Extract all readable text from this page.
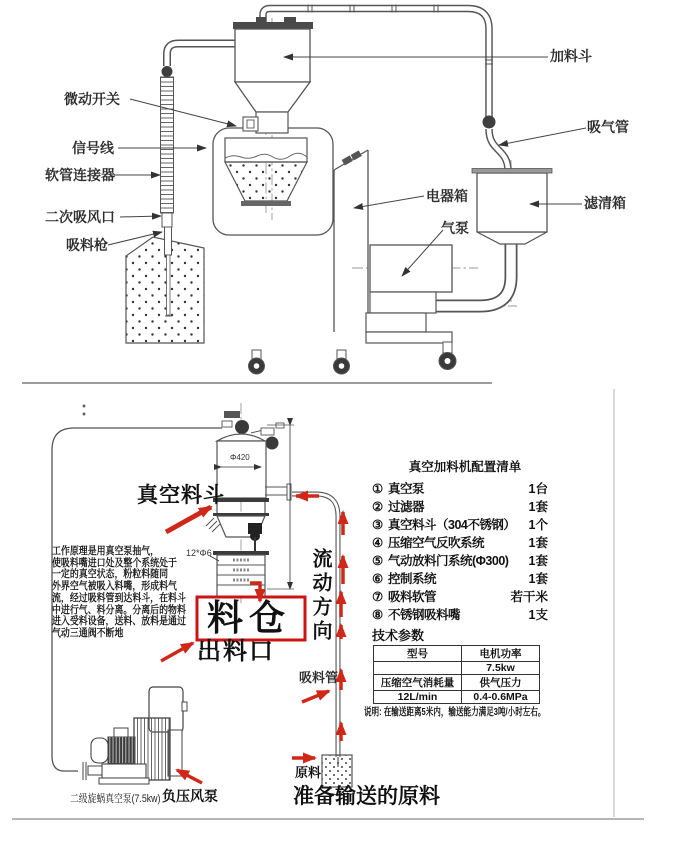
微动开关
信号线
软管连接器
二次吸风口
吸料枪
加料斗
吸气管
电器箱
气泵
滤清箱
真空料斗
工作原理是用真空泵抽气，
使吸料嘴进口处及整个系统处于
一定的真空状态，粉粒料随同
外界空气被吸入料嘴，形成料气
流，经过吸料管到达料斗，在料斗
中进行气、料分离。分离后的物料
进入受料设备，送料、放料是通过
气动三通阀不断地
12*Φ6
Φ420
料仓
出料口
流动方向
吸料管
原料
准备输送的原料
二级旋蜗真空泵(7.5kw) 负压风泵
真空加料机配置清单
① 真空泵	1台
② 过滤器	1套
③ 真空料斗（304不锈钢）	1个
④ 压缩空气反吹系统	1套
⑤ 气动放料门系统(Φ300)	1套
⑥ 控制系统	1套
⑦ 吸料软管	若干米
⑧ 不锈钢吸料嘴	1支
技术参数
型号	电机功率
	7.5kw
压缩空气消耗量	供气压力
12L/min	0.4-0.6MPa
说明: 在输送距离5米内，输送能力满足3吨/小时左右。
